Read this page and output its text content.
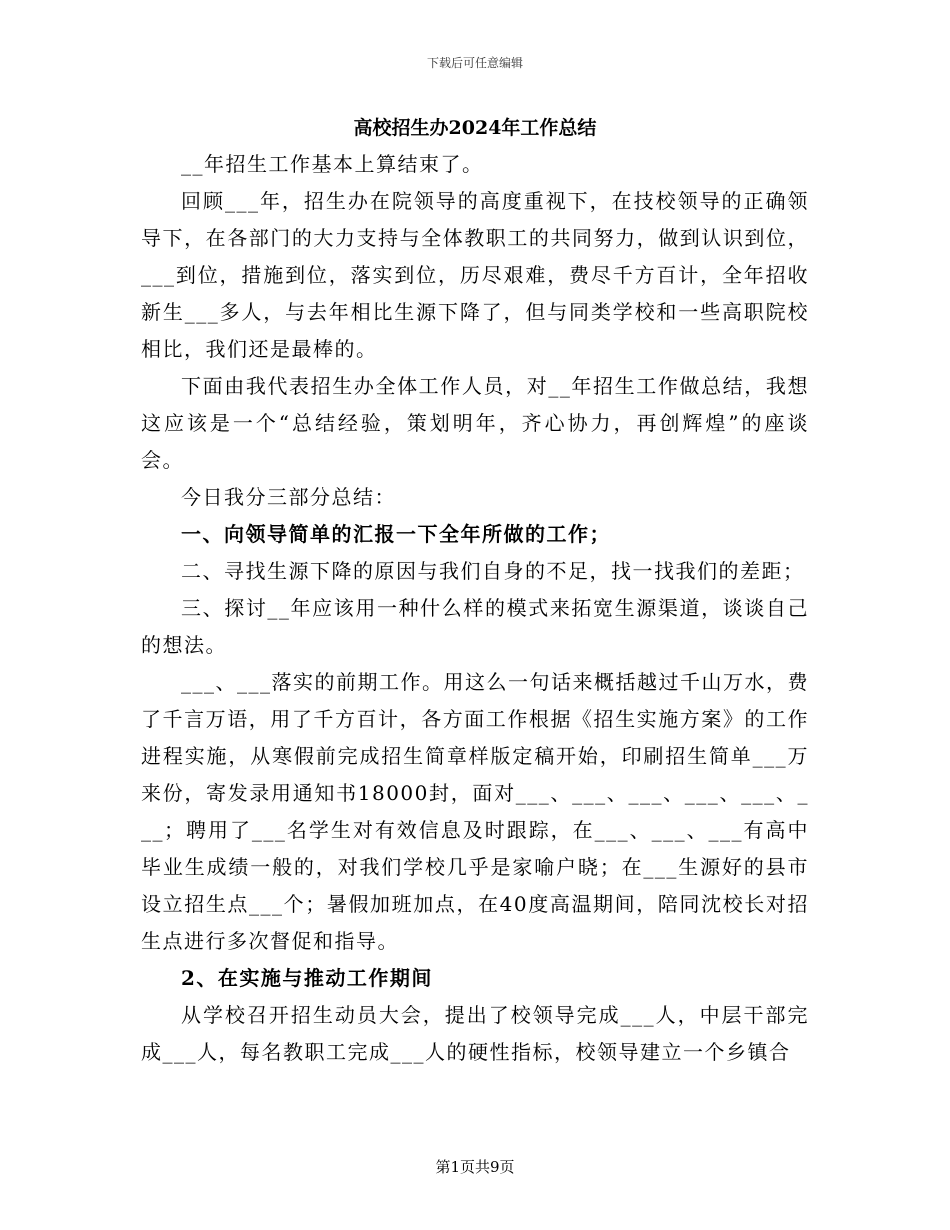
下载后可任意编辑
高校招生办2024年工作总结

__年招生工作基本上算结束了。

回顾___年，招生办在院领导的高度重视下，在技校领导的正确领导下，在各部门的大力支持与全体教职工的共同努力，做到认识到位，___到位，措施到位，落实到位，历尽艰难，费尽千方百计，全年招收新生___多人，与去年相比生源下降了，但与同类学校和一些高职院校相比，我们还是最棒的。

下面由我代表招生办全体工作人员，对__年招生工作做总结，我想这应该是一个“总结经验，策划明年，齐心协力，再创辉煌”的座谈会。

今日我分三部分总结：

一、向领导简单的汇报一下全年所做的工作；

二、寻找生源下降的原因与我们自身的不足，找一找我们的差距；

三、探讨__年应该用一种什么样的模式来拓宽生源渠道，谈谈自己的想法。

___、___落实的前期工作。用这么一句话来概括越过千山万水，费了千言万语，用了千方百计，各方面工作根据《招生实施方案》的工作进程实施，从寒假前完成招生简章样版定稿开始，印刷招生简单___万来份，寄发录用通知书18000封，面对___、___、___、___、___、___；聘用了___名学生对有效信息及时跟踪，在___、___、___有高中毕业生成绩一般的，对我们学校几乎是家喻户晓；在___生源好的县市设立招生点___个；暑假加班加点，在40度高温期间，陪同沈校长对招生点进行多次督促和指导。

2、在实施与推动工作期间

从学校召开招生动员大会，提出了校领导完成___人，中层干部完成___人，每名教职工完成___人的硬性指标，校领导建立一个乡镇合

第1页共9页
